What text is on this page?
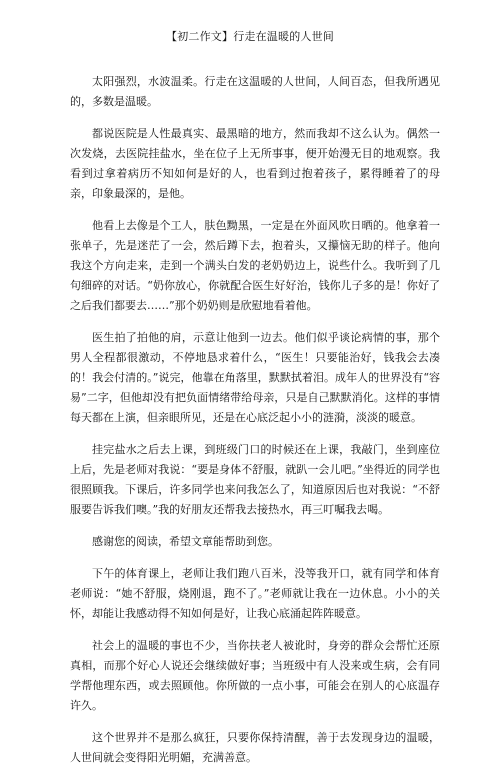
【初二作文】行走在温暖的人世间

太阳强烈，水波温柔。行走在这温暖的人世间，人间百态，但我所遇见的，多数是温暖。

都说医院是人性最真实、最黑暗的地方，然而我却不这么认为。偶然一次发烧，去医院挂盐水，坐在位子上无所事事，便开始漫无目的地观察。我看到过拿着病历不知如何是好的人，也看到过抱着孩子，累得睡着了的母亲，印象最深的，是他。

他看上去像是个工人，肤色黝黑，一定是在外面风吹日晒的。他拿着一张单子，先是迷茫了一会，然后蹲下去，抱着头，又攥恼无助的样子。他向我这个方向走来，走到一个满头白发的老奶奶边上，说些什么。我听到了几句细碎的对话。“奶你放心，你就配合医生好好治，钱你儿子多的是！你好了之后我们都要去……”那个奶奶则是欣慰地看着他。

医生拍了拍他的肩，示意让他到一边去。他们似乎谈论病情的事，那个男人全程都很激动，不停地恳求着什么，“医生！只要能治好，钱我会去凑的！我会付清的。”说完，他靠在角落里，默默拭着泪。成年人的世界没有“容易”二字，但他却没有把负面情绪带给母亲，只是自己默默消化。这样的事情每天都在上演，但亲眼所见，还是在心底泛起小小的涟漪，淡淡的暖意。

挂完盐水之后去上课，到班级门口的时候还在上课，我敲门，坐到座位上后，先是老师对我说：“要是身体不舒服，就趴一会儿吧。”坐得近的同学也很照顾我。下课后，许多同学也来问我怎么了，知道原因后也对我说：“不舒服要告诉我们噢。”我的好朋友还帮我去接热水，再三叮嘱我去喝。

感谢您的阅读，希望文章能帮助到您。

下午的体育课上，老师让我们跑八百米，没等我开口，就有同学和体育老师说：“她不舒服，烧刚退，跑不了。”老师就让我在一边休息。小小的关怀，却能让我感动得不知如何是好，让我心底涌起阵阵暖意。

社会上的温暖的事也不少，当你扶老人被讹时，身旁的群众会帮忙还原真相，而那个好心人说还会继续做好事；当班级中有人没来或生病，会有同学帮他理东西，或去照顾他。你所做的一点小事，可能会在别人的心底温存许久。

这个世界并不是那么疯狂，只要你保持清醒，善于去发现身边的温暖，人世间就会变得阳光明媚，充满善意。
